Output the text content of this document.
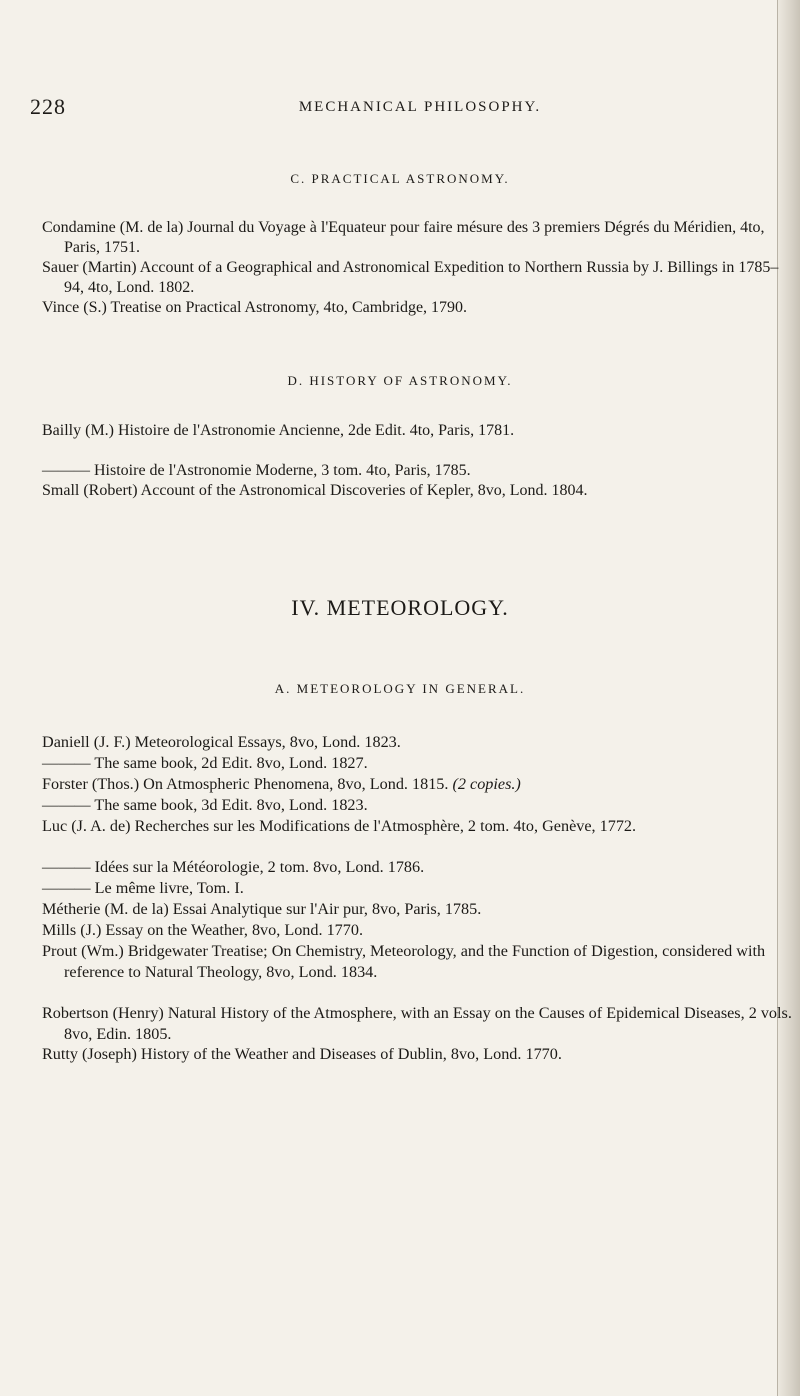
228	MECHANICAL PHILOSOPHY.
C. PRACTICAL ASTRONOMY.

Condamine (M. de la) Journal du Voyage à l'Equateur pour faire mésure des 3 premiers Dégrés du Méridien, 4to, Paris, 1751.

Sauer (Martin) Account of a Geographical and Astronomical Expedition to Northern Russia by J. Billings in 1785–94, 4to, Lond. 1802.

Vince (S.) Treatise on Practical Astronomy, 4to, Cambridge, 1790.

D. HISTORY OF ASTRONOMY.

Bailly (M.) Histoire de l'Astronomie Ancienne, 2de Edit. 4to, Paris, 1781.

——— Histoire de l'Astronomie Moderne, 3 tom. 4to, Paris, 1785.

Small (Robert) Account of the Astronomical Discoveries of Kepler, 8vo, Lond. 1804.

IV. METEOROLOGY.
A. METEOROLOGY IN GENERAL.

Daniell (J. F.) Meteorological Essays, 8vo, Lond. 1823.

——— The same book, 2d Edit. 8vo, Lond. 1827.

Forster (Thos.) On Atmospheric Phenomena, 8vo, Lond. 1815. (2 copies.)

——— The same book, 3d Edit. 8vo, Lond. 1823.

Luc (J. A. de) Recherches sur les Modifications de l'Atmosphère, 2 tom. 4to, Genève, 1772.

——— Idées sur la Météorologie, 2 tom. 8vo, Lond. 1786.

——— Le même livre, Tom. I.

Métherie (M. de la) Essai Analytique sur l'Air pur, 8vo, Paris, 1785.

Mills (J.) Essay on the Weather, 8vo, Lond. 1770.

Prout (Wm.) Bridgewater Treatise; On Chemistry, Meteorology, and the Function of Digestion, considered with reference to Natural Theology, 8vo, Lond. 1834.

Robertson (Henry) Natural History of the Atmosphere, with an Essay on the Causes of Epidemical Diseases, 2 vols. 8vo, Edin. 1805.

Rutty (Joseph) History of the Weather and Diseases of Dublin, 8vo, Lond. 1770.
